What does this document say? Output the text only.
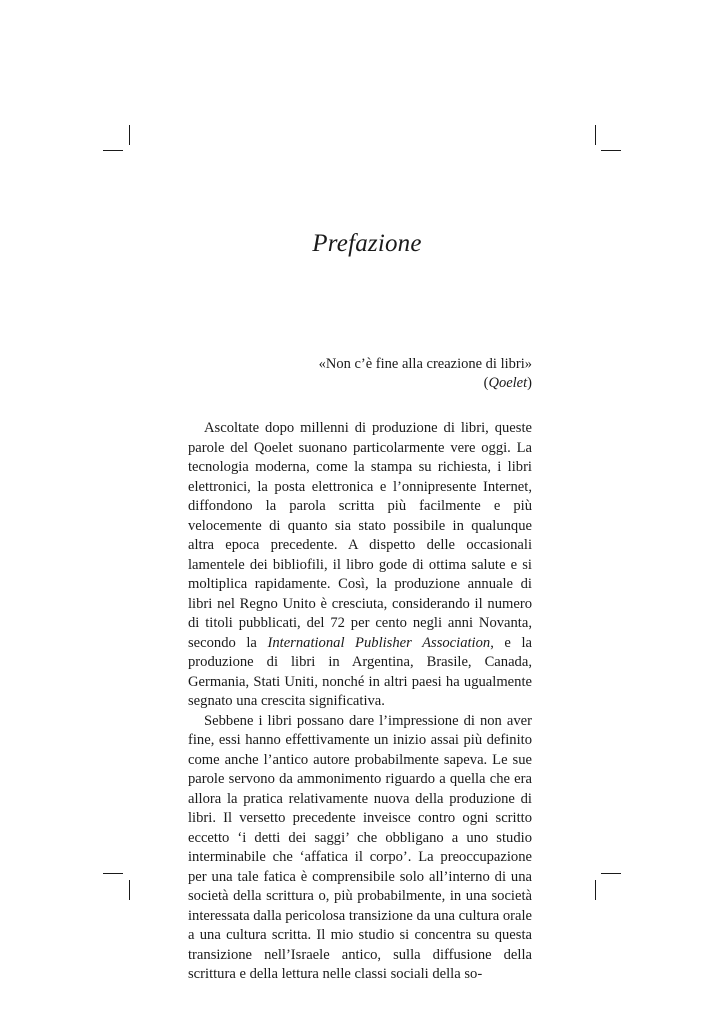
Prefazione
«Non c’è fine alla creazione di libri»
(Qoelet)

Ascoltate dopo millenni di produzione di libri, queste parole del Qoelet suonano particolarmente vere oggi. La tecnologia moderna, come la stampa su richiesta, i libri elettronici, la posta elettronica e l’onnipresente Internet, diffondono la parola scritta più facilmente e più velocemente di quanto sia stato possibile in qualunque altra epoca precedente. A dispetto delle occasionali lamentele dei bibliofili, il libro gode di ottima salute e si moltiplica rapidamente. Così, la produzione annuale di libri nel Regno Unito è cresciuta, considerando il numero di titoli pubblicati, del 72 per cento negli anni Novanta, secondo la International Publisher Association, e la produzione di libri in Argentina, Brasile, Canada, Germania, Stati Uniti, nonché in altri paesi ha ugualmente segnato una crescita significativa.

Sebbene i libri possano dare l’impressione di non aver fine, essi hanno effettivamente un inizio assai più definito come anche l’antico autore probabilmente sapeva. Le sue parole servono da ammonimento riguardo a quella che era allora la pratica relativamente nuova della produzione di libri. Il versetto precedente inveisce contro ogni scritto eccetto ‘i detti dei saggi’ che obbligano a uno studio interminabile che ‘affatica il corpo’. La preoccupazione per una tale fatica è comprensibile solo all’interno di una società della scrittura o, più probabilmente, in una società interessata dalla pericolosa transizione da una cultura orale a una cultura scritta. Il mio studio si concentra su questa transizione nell’Israele antico, sulla diffusione della scrittura e della lettura nelle classi sociali della so-
